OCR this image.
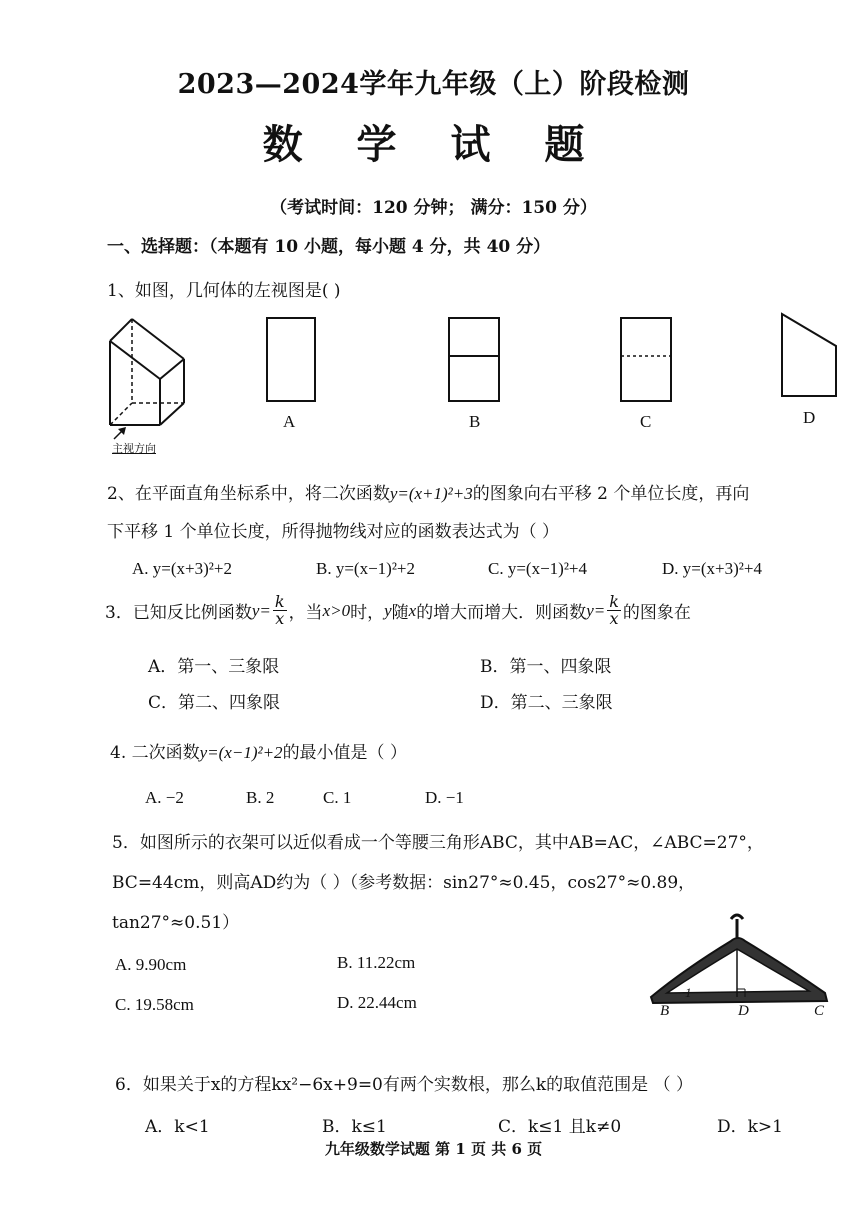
2023—2024学年九年级（上）阶段检测
数 学 试 题
（考试时间：120 分钟； 满分：150 分）
一、选择题：（本题有 10 小题，每小题 4 分，共 40 分）
1、如图，几何体的左视图是( )
主视方向
A	B	C	D
2、在平面直角坐标系中，将二次函数y=(x+1)²+3的图象向右平移 2 个单位长度，再向
下平移 1 个单位长度，所得抛物线对应的函数表达式为（ ）
A. y=(x+3)²+2	B. y=(x−1)²+2	C. y=(x−1)²+4	D. y=(x+3)²+4
3．已知反比例函数 $y= \frac{k}{x}$ ，当 x>0 时， y 随 x 的增大而增大．则函数 $y= \frac{k}{x}$ 的图象在
A．第一、三象限	B．第一、四象限
C．第二、四象限	D．第二、三象限
4. 二次函数y=(x−1)²+2的最小值是（ ）
A. −2	B. 2	C. 1	D. −1
5．如图所示的衣架可以近似看成一个等腰三角形ABC，其中AB=AC，∠ABC=27°，
BC=44cm，则高AD约为（ ）（参考数据：sin27°≈0.45，cos27°≈0.89，
tan27°≈0.51）
A. 9.90cm	B. 11.22cm
C. 19.58cm	D. 22.44cm
1
B	D	C
6．如果关于x的方程kx²−6x+9=0有两个实数根，那么k的取值范围是 （ ）
A．k<1	B．k≤1	C．k≤1 且k≠0	D．k>1
九年级数学试题 第 1 页 共 6 页
